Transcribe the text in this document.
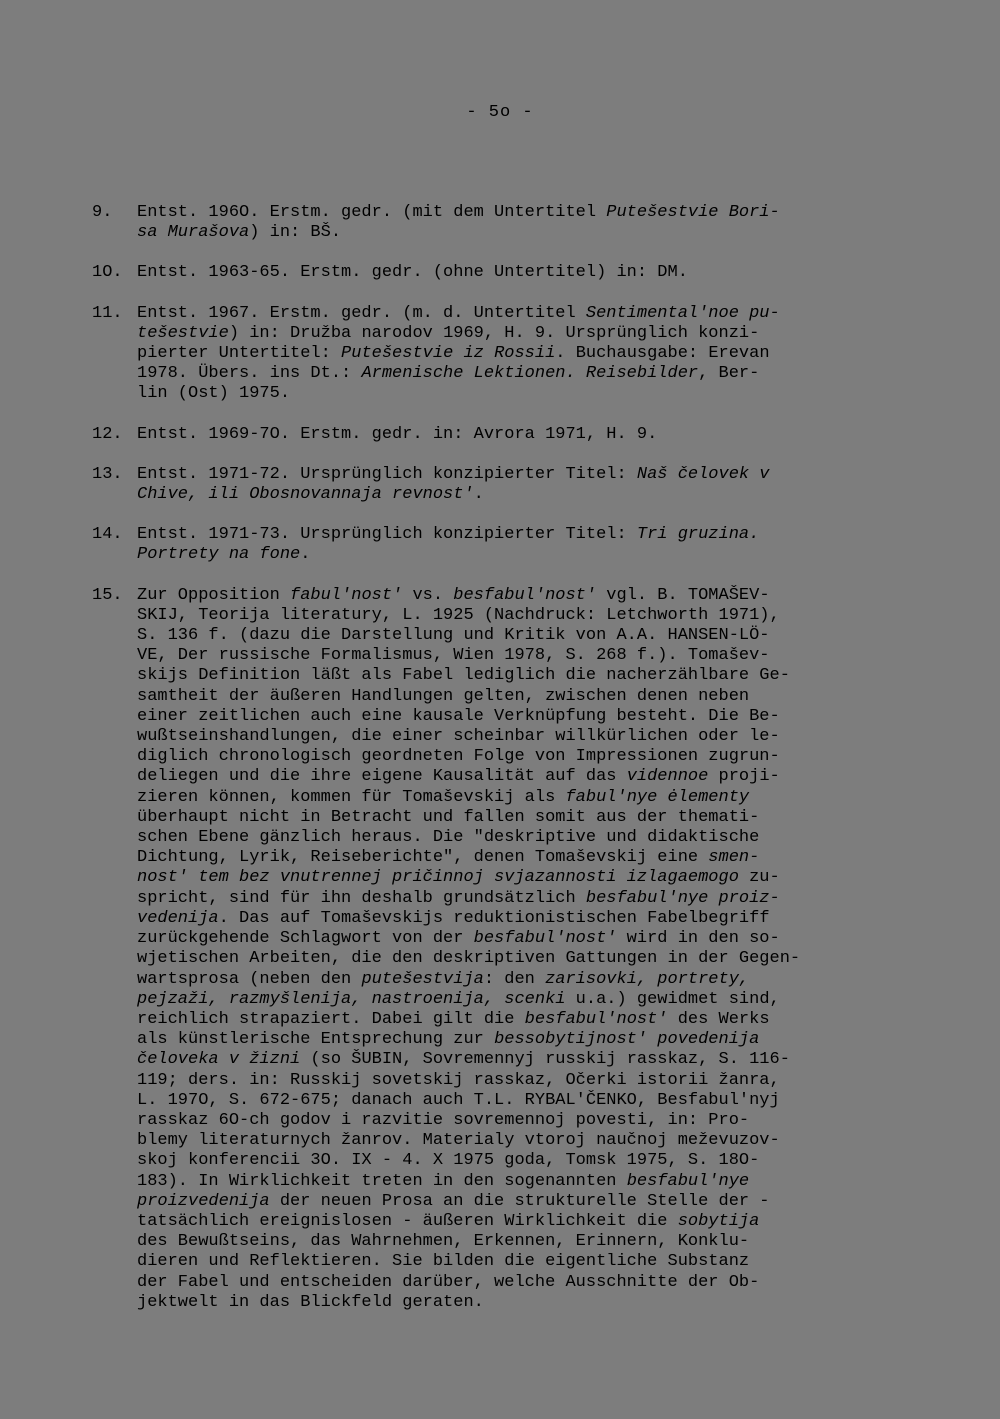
- 5o -
9. Entst. 196O. Erstm. gedr. (mit dem Untertitel Putešestvie Bori-
sa Murašova) in: BŠ.
1O. Entst. 1963-65. Erstm. gedr. (ohne Untertitel) in: DM.
11. Entst. 1967. Erstm. gedr. (m. d. Untertitel Sentimental'noe pu-
tešestvie) in: Družba narodov 1969, H. 9. Ursprünglich konzi-
pierter Untertitel: Putešestvie iz Rossii. Buchausgabe: Erevan
1978. Übers. ins Dt.: Armenische Lektionen. Reisebilder, Ber-
lin (Ost) 1975.
12. Entst. 1969-7O. Erstm. gedr. in: Avrora 1971, H. 9.
13. Entst. 1971-72. Ursprünglich konzipierter Titel: Naš čelovek v
Chive, ili Obosnovannaja revnost'.
14. Entst. 1971-73. Ursprünglich konzipierter Titel: Tri gruzina.
Portrety na fone.
15. Zur Opposition fabul'nost' vs. besfabul'nost' vgl. B. TOMAŠEV-
SKIJ, Teorija literatury, L. 1925 (Nachdruck: Letchworth 1971),
S. 136 f. (dazu die Darstellung und Kritik von A.A. HANSEN-LÖ-
VE, Der russische Formalismus, Wien 1978, S. 268 f.). Tomašev-
skijs Definition läßt als Fabel lediglich die nacherzählbare Ge-
samtheit der äußeren Handlungen gelten, zwischen denen neben
einer zeitlichen auch eine kausale Verknüpfung besteht. Die Be-
wußtseinshandlungen, die einer scheinbar willkürlichen oder le-
diglich chronologisch geordneten Folge von Impressionen zugrun-
deliegen und die ihre eigene Kausalität auf das vidennoe proji-
zieren können, kommen für Tomaševskij als fabul'nye ėlementy
überhaupt nicht in Betracht und fallen somit aus der themati-
schen Ebene gänzlich heraus. Die "deskriptive und didaktische
Dichtung, Lyrik, Reiseberichte", denen Tomaševskij eine smen-
nost' tem bez vnutrennej pričinnoj svjazannosti izlagaemogo zu-
spricht, sind für ihn deshalb grundsätzlich besfabul'nye proiz-
vedenija. Das auf Tomaševskijs reduktionistischen Fabelbegriff
zurückgehende Schlagwort von der besfabul'nost' wird in den so-
wjetischen Arbeiten, die den deskriptiven Gattungen in der Gegen-
wartsprosa (neben den putešestvija: den zarisovki, portrety,
pejzaži, razmyšlenija, nastroenija, scenki u.a.) gewidmet sind,
reichlich strapaziert. Dabei gilt die besfabul'nost' des Werks
als künstlerische Entsprechung zur bessobytijnost' povedenija
čeloveka v žizni (so ŠUBIN, Sovremennyj russkij rasskaz, S. 116-
119; ders. in: Russkij sovetskij rasskaz, Očerki istorii žanra,
L. 197O, S. 672-675; danach auch T.L. RYBAL'ČENKO, Besfabul'nyj
rasskaz 6O-ch godov i razvitie sovremennoj povesti, in: Pro-
blemy literaturnych žanrov. Materialy vtoroj naučnoj meževuzov-
skoj konferencii 3O. IX - 4. X 1975 goda, Tomsk 1975, S. 18O-
183). In Wirklichkeit treten in den sogenannten besfabul'nye
proizvedenija der neuen Prosa an die strukturelle Stelle der -
tatsächlich ereignislosen - äußeren Wirklichkeit die sobytija
des Bewußtseins, das Wahrnehmen, Erkennen, Erinnern, Konklu-
dieren und Reflektieren. Sie bilden die eigentliche Substanz
der Fabel und entscheiden darüber, welche Ausschnitte der Ob-
jektwelt in das Blickfeld geraten.
